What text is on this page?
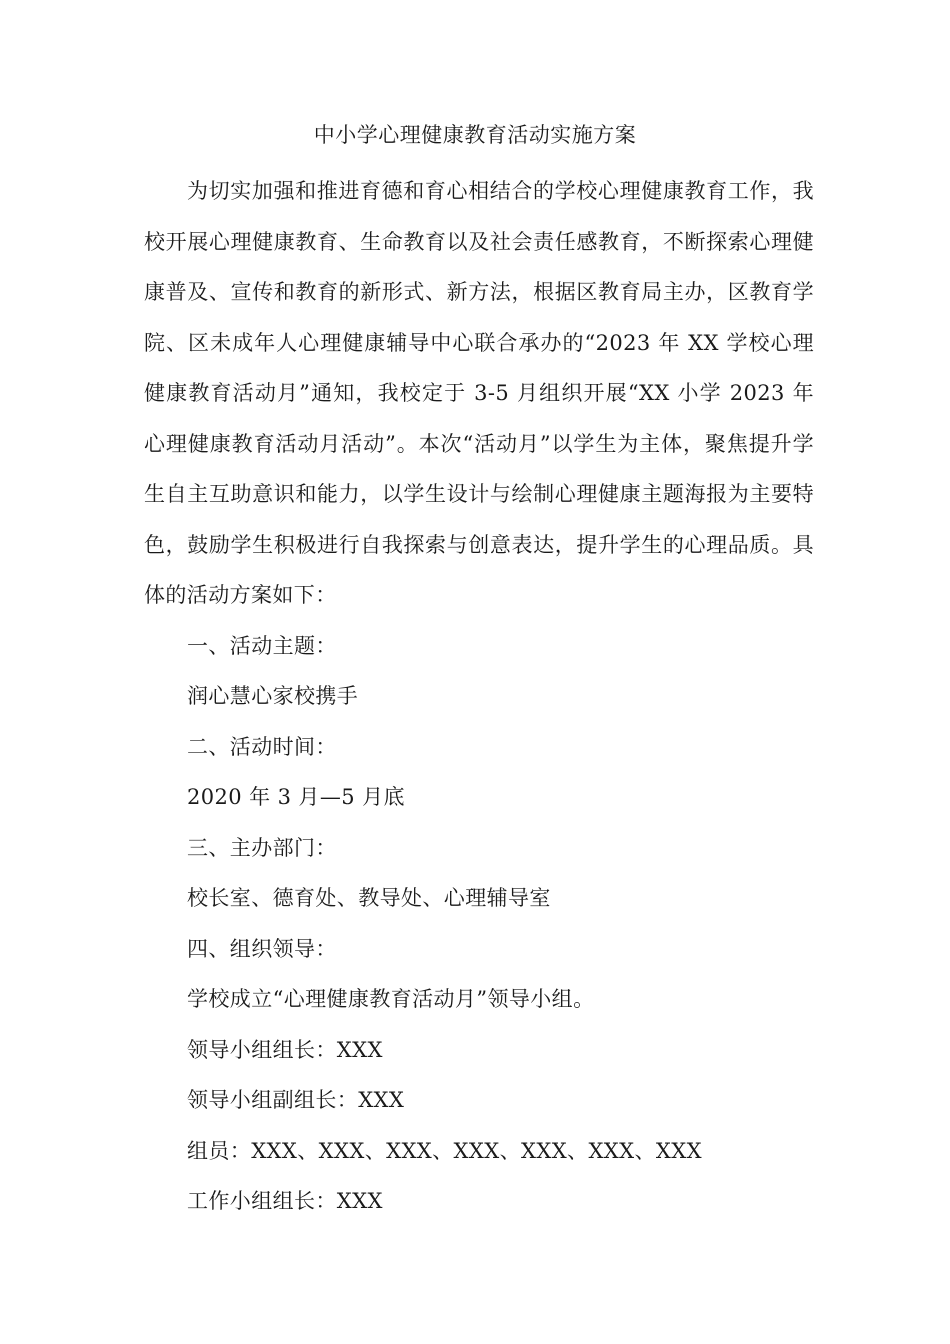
中小学心理健康教育活动实施方案

为切实加强和推进育德和育心相结合的学校心理健康教育工作，我校开展心理健康教育、生命教育以及社会责任感教育，不断探索心理健康普及、宣传和教育的新形式、新方法，根据区教育局主办，区教育学院、区未成年人心理健康辅导中心联合承办的“2023 年 XX 学校心理健康教育活动月”通知，我校定于 3-5 月组织开展“XX 小学 2023 年心理健康教育活动月活动”。本次“活动月”以学生为主体，聚焦提升学生自主互助意识和能力，以学生设计与绘制心理健康主题海报为主要特色，鼓励学生积极进行自我探索与创意表达，提升学生的心理品质。具体的活动方案如下：

一、活动主题：

润心慧心家校携手

二、活动时间：

2020 年 3 月—5 月底

三、主办部门：

校长室、德育处、教导处、心理辅导室

四、组织领导：

学校成立“心理健康教育活动月”领导小组。

领导小组组长：XXX

领导小组副组长：XXX

组员：XXX、XXX、XXX、XXX、XXX、XXX、XXX

工作小组组长：XXX
